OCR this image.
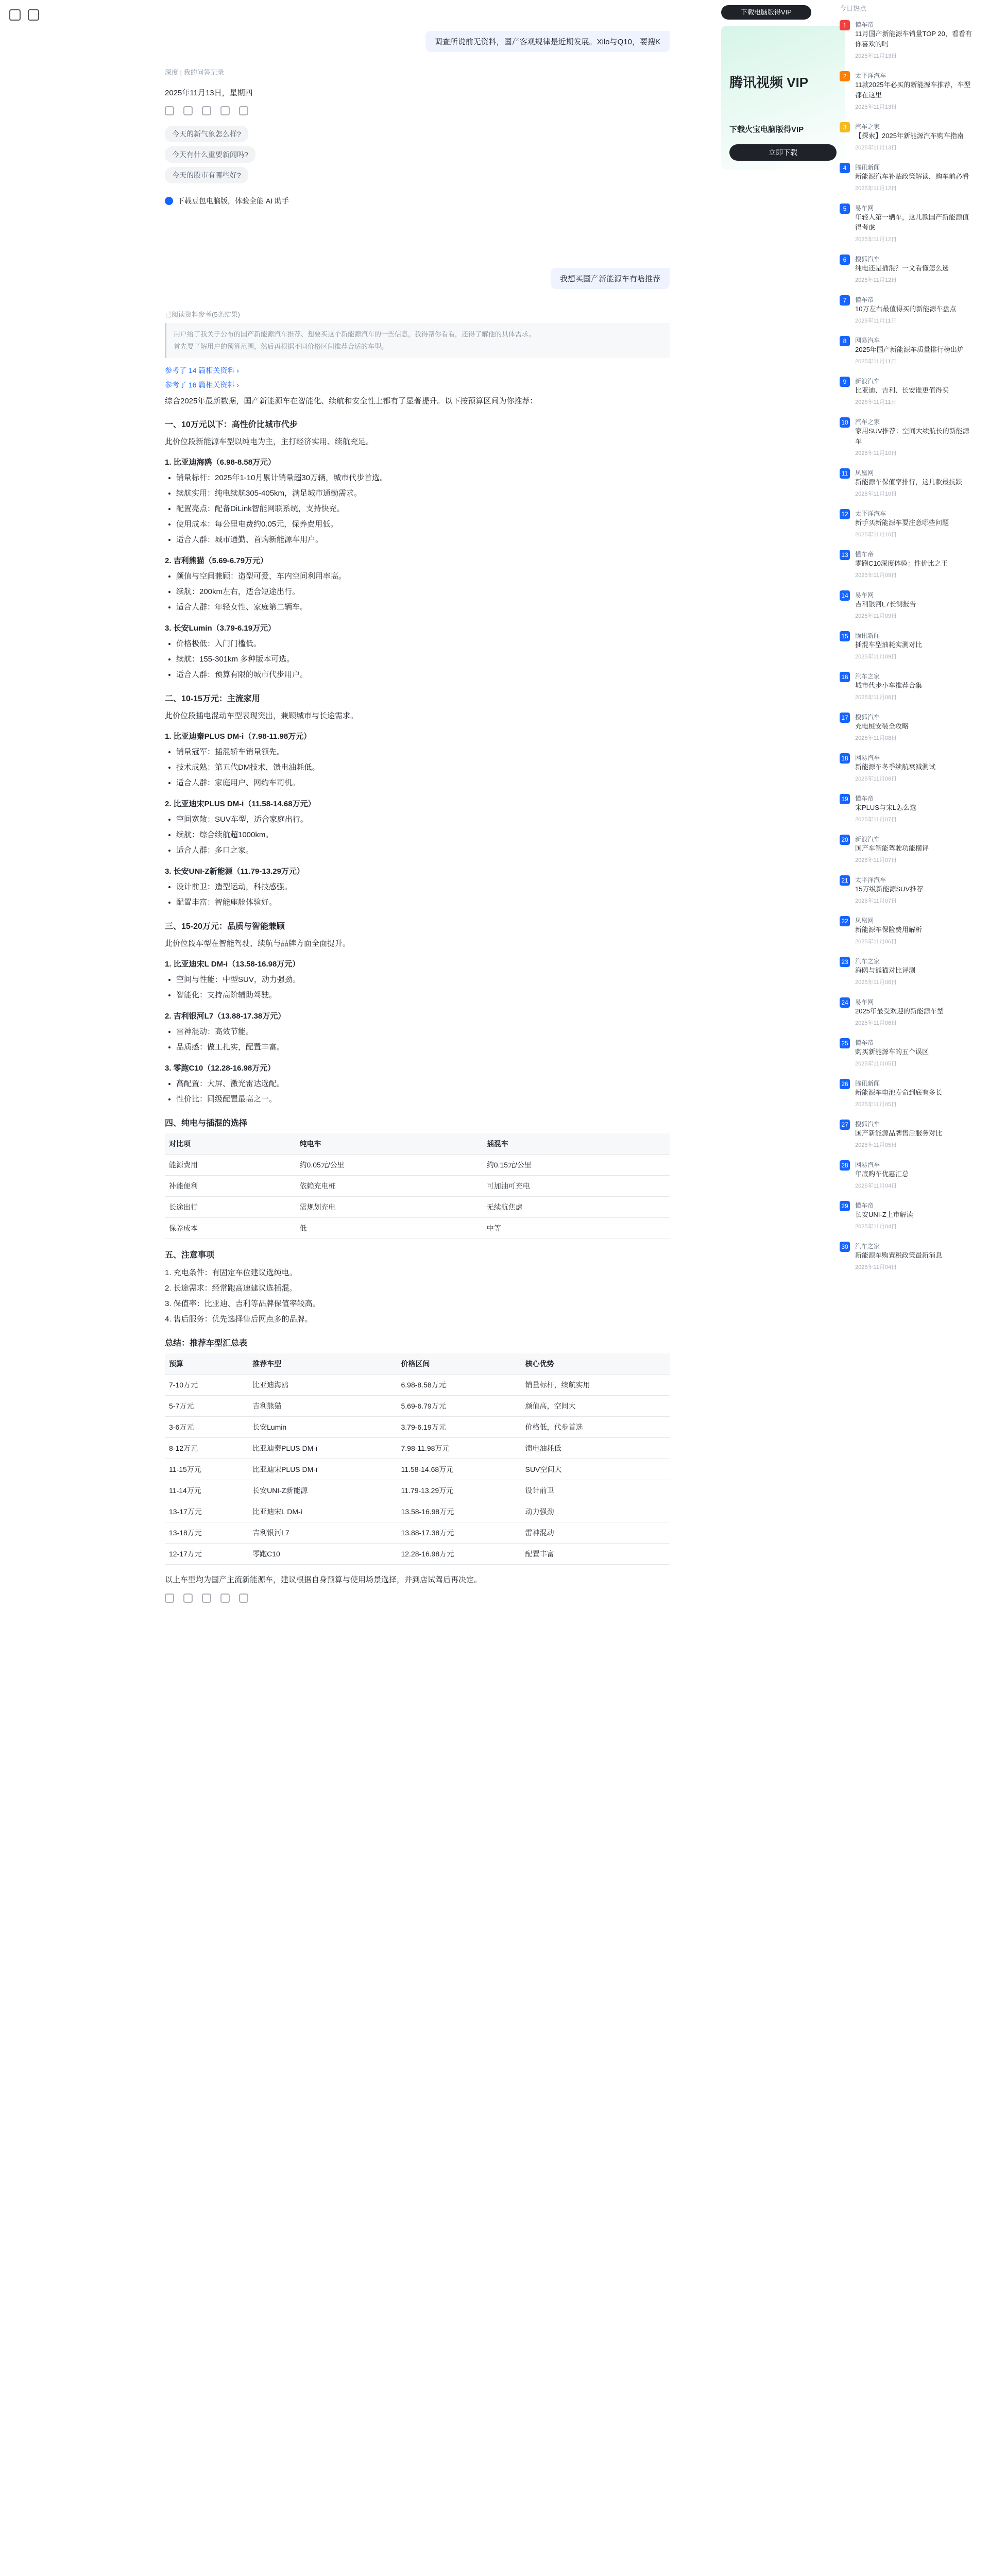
调查所说前无资料，国产客观规律是近期发展。Xilo与Q10，要搜K
深度 | 我的问答记录
2025年11月13日，星期四
今天的新气象怎么样?
今天有什么重要新闻吗?
今天的股市有哪些好?
下载豆包电脑版，体验全能 AI 助手
我想买国产新能源车有啥推荐
已阅读资料参考(5条结果)
用户给了我关于公布的国产新能源汽车推荐、想要买这个新能源汽车的一些信息，我得帮你看看，还得了解他的具体需求。
首先要了解用户的预算范围，然后再根据不同价格区间推荐合适的车型。
参考了 14 篇相关资料 ›
参考了 16 篇相关资料 ›

综合2025年最新数据，国产新能源车在智能化、续航和安全性上都有了显著提升。以下按预算区间为你推荐：

一、10万元以下：高性价比城市代步

此价位段新能源车型以纯电为主，主打经济实用、续航充足。

1. 比亚迪海鸥（6.98-8.58万元）
• 销量标杆：2025年1-10月累计销量超30万辆，城市代步首选。
• 续航实用：纯电续航305-405km，满足城市通勤需求。
• 配置亮点：配备DiLink智能网联系统，支持快充。
• 使用成本：每公里电费约0.05元，保养费用低。
• 适合人群：城市通勤、首购新能源车用户。
2. 吉利熊猫（5.69-6.79万元）
• 颜值与空间兼顾：造型可爱，车内空间利用率高。
• 续航：200km左右，适合短途出行。
• 适合人群：年轻女性、家庭第二辆车。
3. 长安Lumin（3.79-6.19万元）
• 价格极低：入门门槛低。
• 续航：155-301km 多种版本可选。
• 适合人群：预算有限的城市代步用户。
二、10-15万元：主流家用

此价位段插电混动车型表现突出，兼顾城市与长途需求。

1. 比亚迪秦PLUS DM-i（7.98-11.98万元）
• 销量冠军：插混轿车销量领先。
• 技术成熟：第五代DM技术，馈电油耗低。
• 适合人群：家庭用户、网约车司机。
2. 比亚迪宋PLUS DM-i（11.58-14.68万元）
• 空间宽敞：SUV车型，适合家庭出行。
• 续航：综合续航超1000km。
• 适合人群：多口之家。
3. 长安UNI-Z新能源（11.79-13.29万元）
• 设计前卫：造型运动，科技感强。
• 配置丰富：智能座舱体验好。
三、15-20万元：品质与智能兼顾

此价位段车型在智能驾驶、续航与品牌方面全面提升。

1. 比亚迪宋L DM-i（13.58-16.98万元）
• 空间与性能：中型SUV，动力强劲。
• 智能化：支持高阶辅助驾驶。
2. 吉利银河L7（13.88-17.38万元）
• 雷神混动：高效节能。
• 品质感：做工扎实，配置丰富。
3. 零跑C10（12.28-16.98万元）
• 高配置：大屏、激光雷达选配。
• 性价比：同级配置最高之一。
四、纯电与插混的选择
对比项	纯电车	插混车
能源费用	约0.05元/公里	约0.15元/公里
补能便利	依赖充电桩	可加油可充电
长途出行	需规划充电	无续航焦虑
保养成本	低	中等
五、注意事项
1. 充电条件：有固定车位建议选纯电。
2. 长途需求：经常跑高速建议选插混。
3. 保值率：比亚迪、吉利等品牌保值率较高。
4. 售后服务：优先选择售后网点多的品牌。
总结：推荐车型汇总表
预算	推荐车型	价格区间	核心优势
7-10万元	比亚迪海鸥	6.98-8.58万元	销量标杆，续航实用
5-7万元	吉利熊猫	5.69-6.79万元	颜值高，空间大
3-6万元	长安Lumin	3.79-6.19万元	价格低，代步首选
8-12万元	比亚迪秦PLUS DM-i	7.98-11.98万元	馈电油耗低
11-15万元	比亚迪宋PLUS DM-i	11.58-14.68万元	SUV空间大
11-14万元	长安UNI-Z新能源	11.79-13.29万元	设计前卫
13-17万元	比亚迪宋L DM-i	13.58-16.98万元	动力强劲
13-18万元	吉利银河L7	13.88-17.38万元	雷神混动
12-17万元	零跑C10	12.28-16.98万元	配置丰富

以上车型均为国产主流新能源车，建议根据自身预算与使用场景选择，并到店试驾后再决定。

下载电脑版得VIP
腾讯视频 VIP
下载火宝电脑版得VIP
立即下载
今日热点
1	懂车帝
11月国产新能源车销量TOP 20，看看有你喜欢的吗
2025年11月13日
2	太平洋汽车
11款2025年必买的新能源车推荐，车型都在这里
2025年11月13日
3	汽车之家
【探索】2025年新能源汽车购车指南
2025年11月13日
4	腾讯新闻
新能源汽车补贴政策解读，购车前必看
2025年11月12日
5	易车网
年轻人第一辆车，这几款国产新能源值得考虑
2025年11月12日
6	搜狐汽车
纯电还是插混？一文看懂怎么选
2025年11月12日
7	懂车帝
10万左右最值得买的新能源车盘点
2025年11月11日
8	网易汽车
2025年国产新能源车质量排行榜出炉
2025年11月11日
9	新浪汽车
比亚迪、吉利、长安谁更值得买
2025年11月11日
10 汽车之家
家用SUV推荐：空间大续航长的新能源车
2025年11月10日
11	凤凰网
新能源车保值率排行，这几款最抗跌
2025年11月10日
12 太平洋汽车
新手买新能源车要注意哪些问题
2025年11月10日
13 懂车帝
零跑C10深度体验：性价比之王
2025年11月09日
14 易车网
吉利银河L7长测报告
2025年11月09日
15 腾讯新闻
插混车型油耗实测对比
2025年11月09日
16 汽车之家
城市代步小车推荐合集
2025年11月08日
17 搜狐汽车
充电桩安装全攻略
2025年11月08日
18 网易汽车
新能源车冬季续航衰减测试
2025年11月08日
19 懂车帝
宋PLUS与宋L怎么选
2025年11月07日
20 新浪汽车
国产车智能驾驶功能横评
2025年11月07日
21 太平洋汽车
15万级新能源SUV推荐
2025年11月07日
22 凤凰网
新能源车保险费用解析
2025年11月06日
23 汽车之家
海鸥与熊猫对比评测
2025年11月06日
24 易车网
2025年最受欢迎的新能源车型
2025年11月06日
25 懂车帝
购买新能源车的五个误区
2025年11月05日
26 腾讯新闻
新能源车电池寿命到底有多长
2025年11月05日
27 搜狐汽车
国产新能源品牌售后服务对比
2025年11月05日
28 网易汽车
年底购车优惠汇总
2025年11月04日
29 懂车帝
长安UNI-Z上市解读
2025年11月04日
30 汽车之家
新能源车购置税政策最新消息
2025年11月04日
